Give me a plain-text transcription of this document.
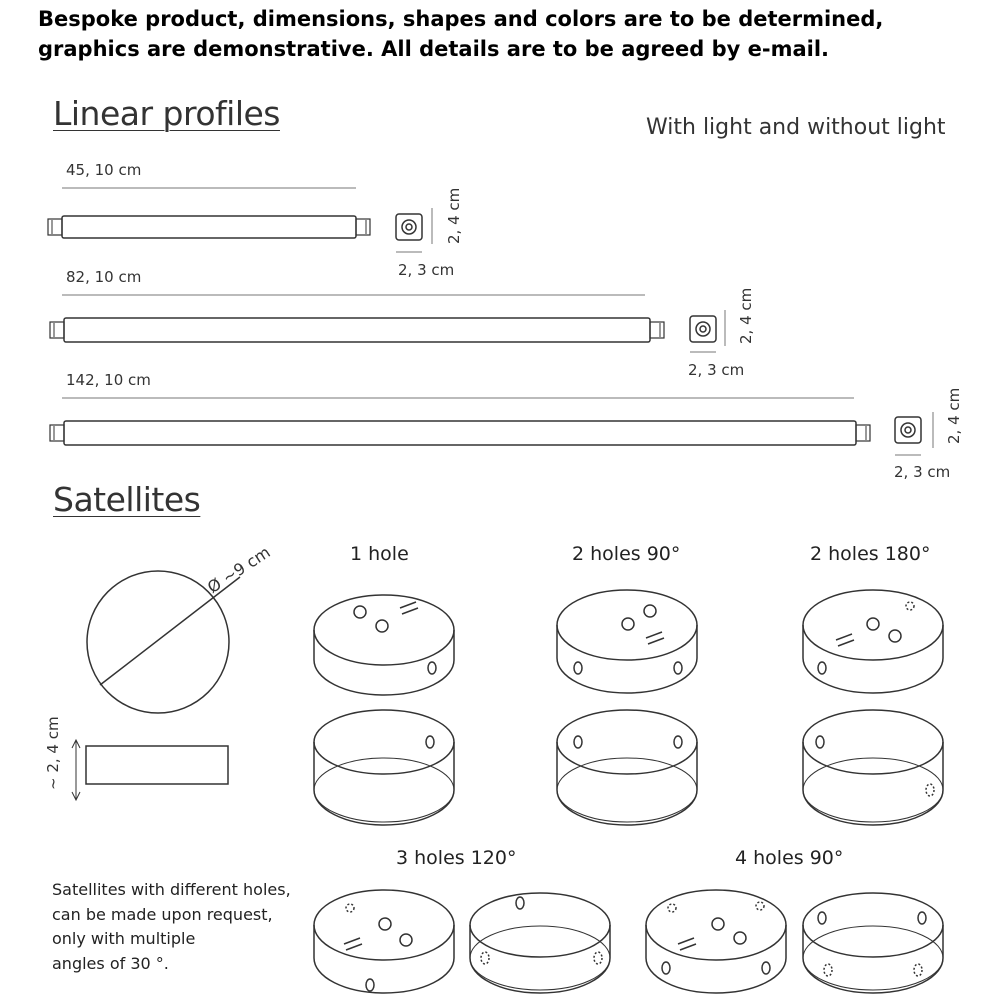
Bespoke product, dimensions, shapes and colors are to be determined, graphics are demonstrative. All details are to be agreed by e-mail.

Linear profiles	With light and without light
45, 10 cm
2, 4 cm
2, 3 cm
82, 10 cm
2, 4 cm
2, 3 cm
142, 10 cm
2, 4 cm
2, 3 cm
Satellites
Ø ~9 cm
~ 2, 4 cm
1 hole	2 holes 90°	2 holes 180°
3 holes 120°	4 holes 90°
Satellites with different holes,
can be made upon request,
only with multiple
angles of 30 °.
